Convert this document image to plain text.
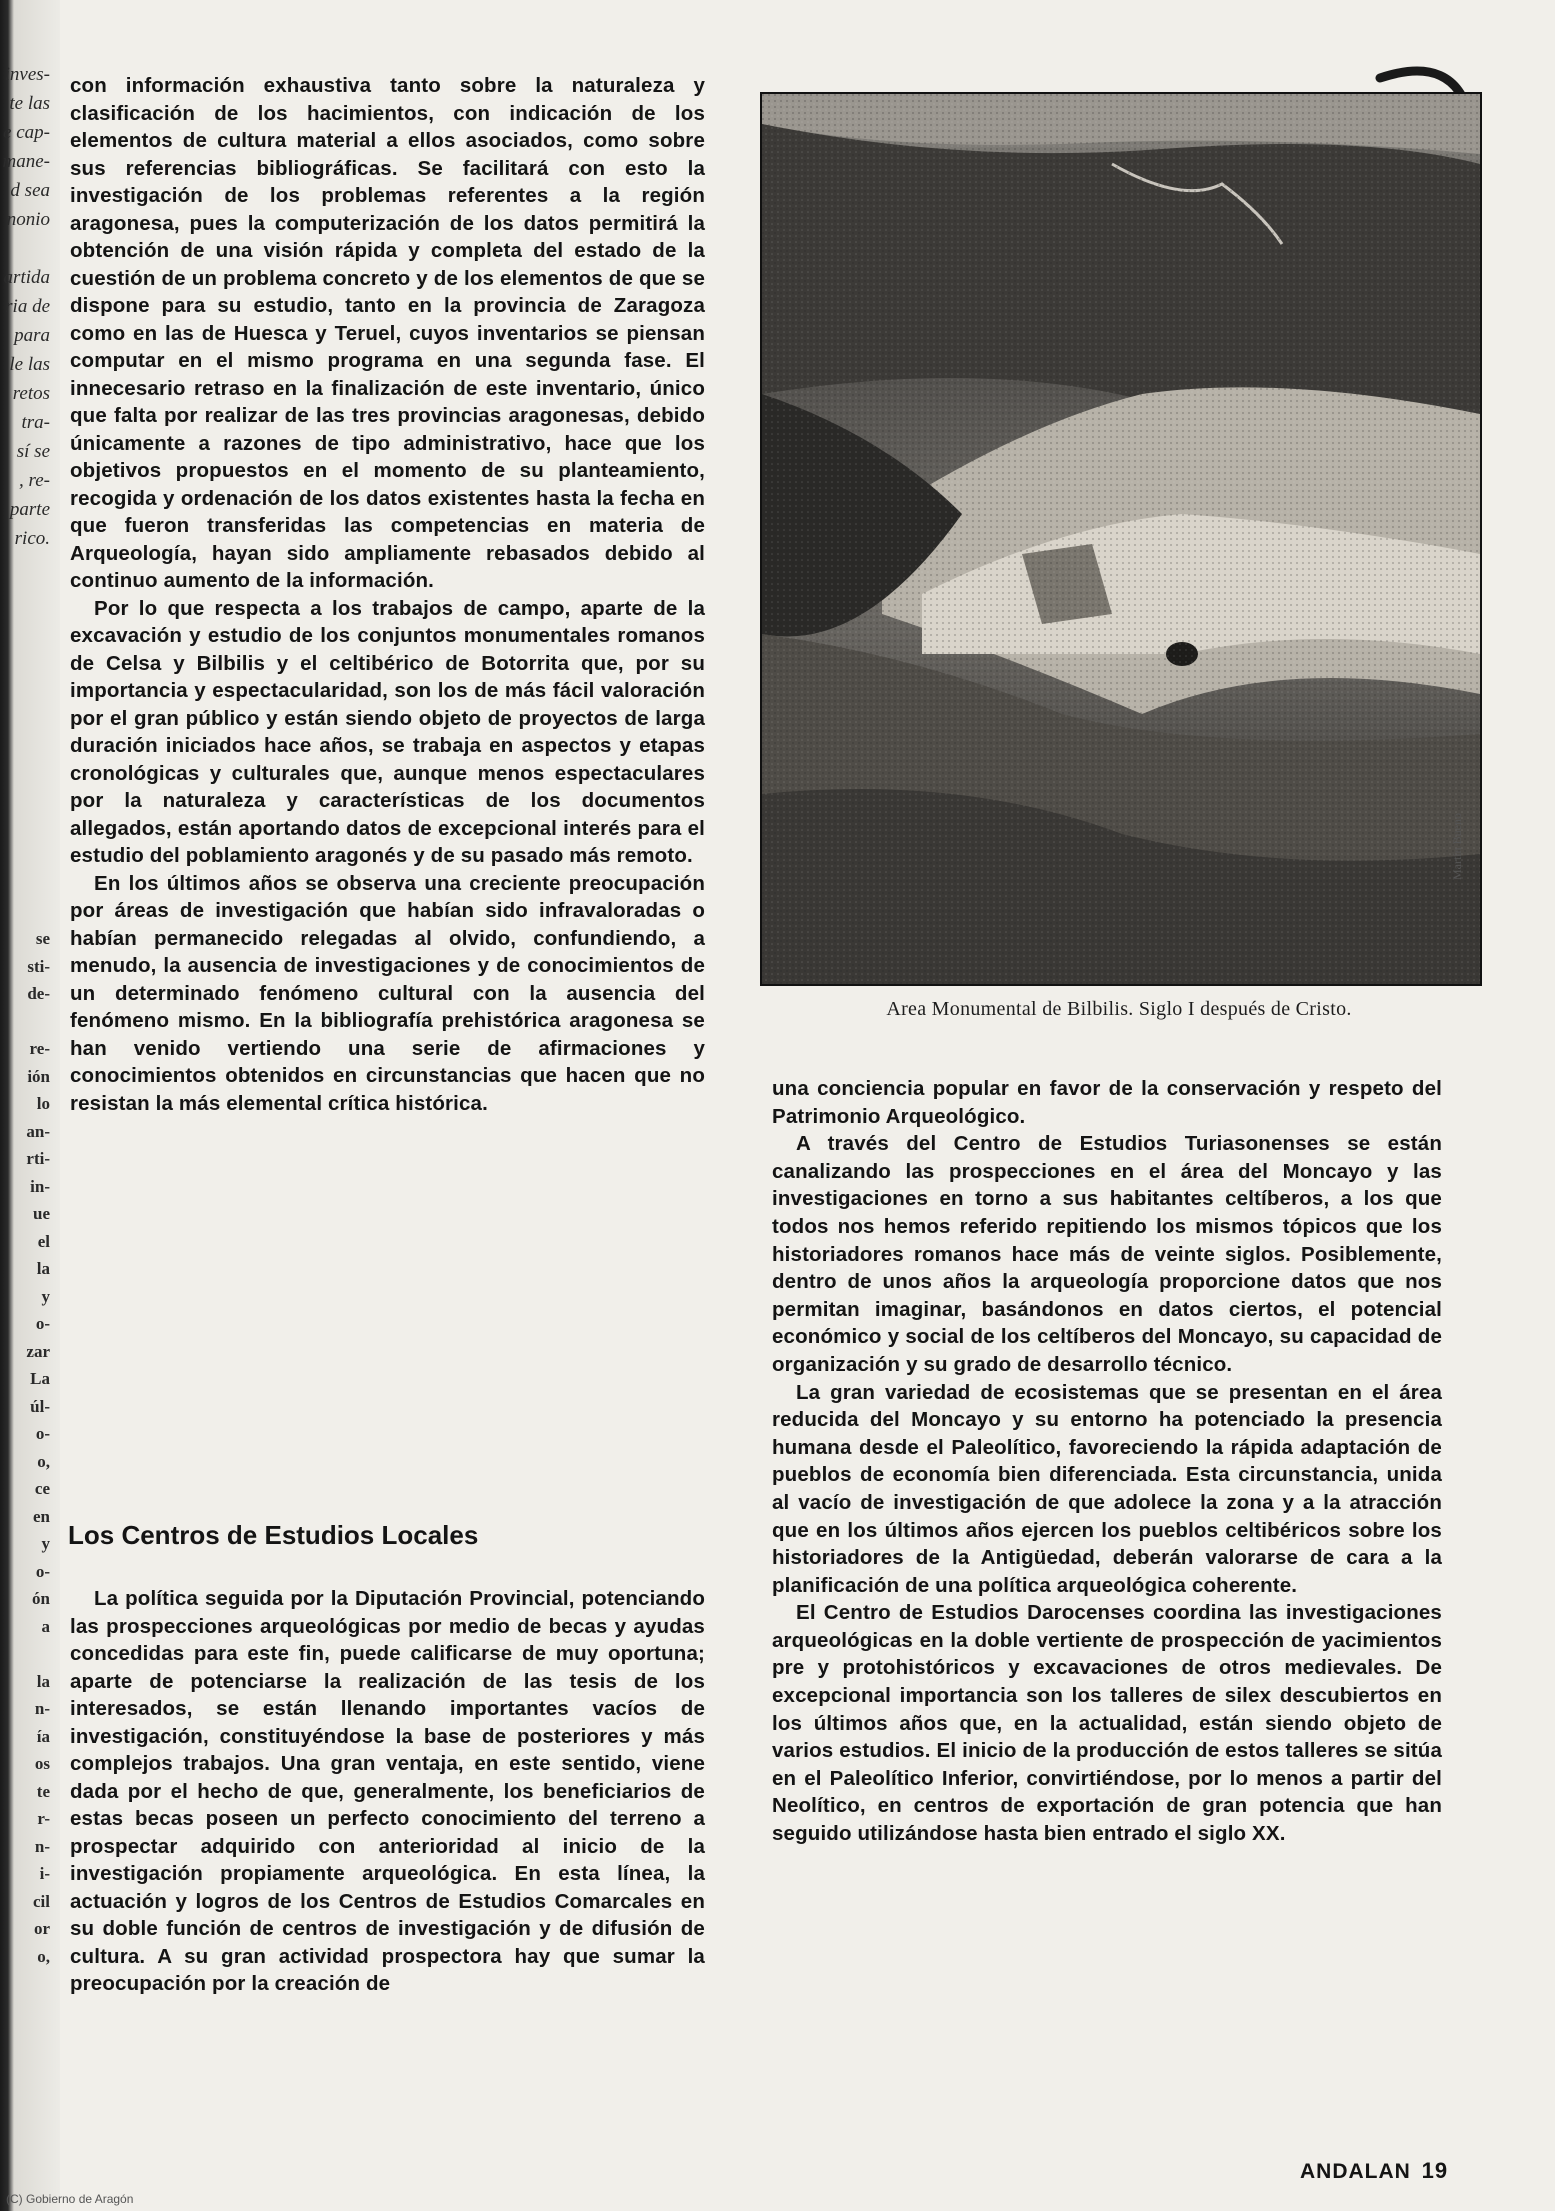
inves-
te las
e cap-
mane-
d sea
nonio

artida
ria de
para
le las
retos
tra-
sí se
, re-
parte
rico.
se
sti-
de-

re-
ión
lo
an-
rti-
in-
ue
el
la
y
o-
zar
La
úl-
o-
o,
ce
en
y
o-
ón
a

la
n-
ía
os
te
r-
n-
i-
cil
or
o,

con información exhaustiva tanto sobre la naturaleza y clasificación de los hacimientos, con indicación de los elementos de cultura material a ellos asociados, como sobre sus referencias bibliográficas. Se facilitará con esto la investigación de los problemas referentes a la región aragonesa, pues la computerización de los datos permitirá la obtención de una visión rápida y completa del estado de la cuestión de un problema concreto y de los elementos de que se dispone para su estudio, tanto en la provincia de Zaragoza como en las de Huesca y Teruel, cuyos inventarios se piensan computar en el mismo programa en una segunda fase. El innecesario retraso en la finalización de este inventario, único que falta por realizar de las tres provincias aragonesas, debido únicamente a razones de tipo administrativo, hace que los objetivos propuestos en el momento de su planteamiento, recogida y ordenación de los datos existentes hasta la fecha en que fueron transferidas las competencias en materia de Arqueología, hayan sido ampliamente rebasados debido al continuo aumento de la información.

Por lo que respecta a los trabajos de campo, aparte de la excavación y estudio de los conjuntos monumentales romanos de Celsa y Bilbilis y el celtibérico de Botorrita que, por su importancia y espectacularidad, son los de más fácil valoración por el gran público y están siendo objeto de proyectos de larga duración iniciados hace años, se trabaja en aspectos y etapas cronológicas y culturales que, aunque menos espectaculares por la naturaleza y características de los documentos allegados, están aportando datos de excepcional interés para el estudio del poblamiento aragonés y de su pasado más remoto.

En los últimos años se observa una creciente preocupación por áreas de investigación que habían sido infravaloradas o habían permanecido relegadas al olvido, confundiendo, a menudo, la ausencia de investigaciones y de conocimientos de un determinado fenómeno cultural con la ausencia del fenómeno mismo. En la bibliografía prehistórica aragonesa se han venido vertiendo una serie de afirmaciones y conocimientos obtenidos en circunstancias que hacen que no resistan la más elemental crítica histórica.

Los Centros de Estudios Locales

La política seguida por la Diputación Provincial, potenciando las prospecciones arqueológicas por medio de becas y ayudas concedidas para este fin, puede calificarse de muy oportuna; aparte de potenciarse la realización de las tesis de los interesados, se están llenando importantes vacíos de investigación, constituyéndose la base de posteriores y más complejos trabajos. Una gran ventaja, en este sentido, viene dada por el hecho de que, generalmente, los beneficiarios de estas becas poseen un perfecto conocimiento del terreno a prospectar adquirido con anterioridad al inicio de la investigación propiamente arqueológica. En esta línea, la actuación y logros de los Centros de Estudios Comarcales en su doble función de centros de investigación y de difusión de cultura. A su gran actividad prospectora hay que sumar la preocupación por la creación de

Martín Bueno
Area Monumental de Bilbilis. Siglo I después de Cristo.

una conciencia popular en favor de la conservación y respeto del Patrimonio Arqueológico.

A través del Centro de Estudios Turiasonenses se están canalizando las prospecciones en el área del Moncayo y las investigaciones en torno a sus habitantes celtíberos, a los que todos nos hemos referido repitiendo los mismos tópicos que los historiadores romanos hace más de veinte siglos. Posiblemente, dentro de unos años la arqueología proporcione datos que nos permitan imaginar, basándonos en datos ciertos, el potencial económico y social de los celtíberos del Moncayo, su capacidad de organización y su grado de desarrollo técnico.

La gran variedad de ecosistemas que se presentan en el área reducida del Moncayo y su entorno ha potenciado la presencia humana desde el Paleolítico, favoreciendo la rápida adaptación de pueblos de economía bien diferenciada. Esta circunstancia, unida al vacío de investigación de que adolece la zona y a la atracción que en los últimos años ejercen los pueblos celtibéricos sobre los historiadores de la Antigüedad, deberán valorarse de cara a la planificación de una política arqueológica coherente.

El Centro de Estudios Darocenses coordina las investigaciones arqueológicas en la doble vertiente de prospección de yacimientos pre y protohistóricos y excavaciones de otros medievales. De excepcional importancia son los talleres de silex descubiertos en los últimos años que, en la actualidad, están siendo objeto de varios estudios. El inicio de la producción de estos talleres se sitúa en el Paleolítico Inferior, convirtiéndose, por lo menos a partir del Neolítico, en centros de exportación de gran potencia que han seguido utilizándose hasta bien entrado el siglo XX.

ANDALAN 19
(C) Gobierno de Aragón
